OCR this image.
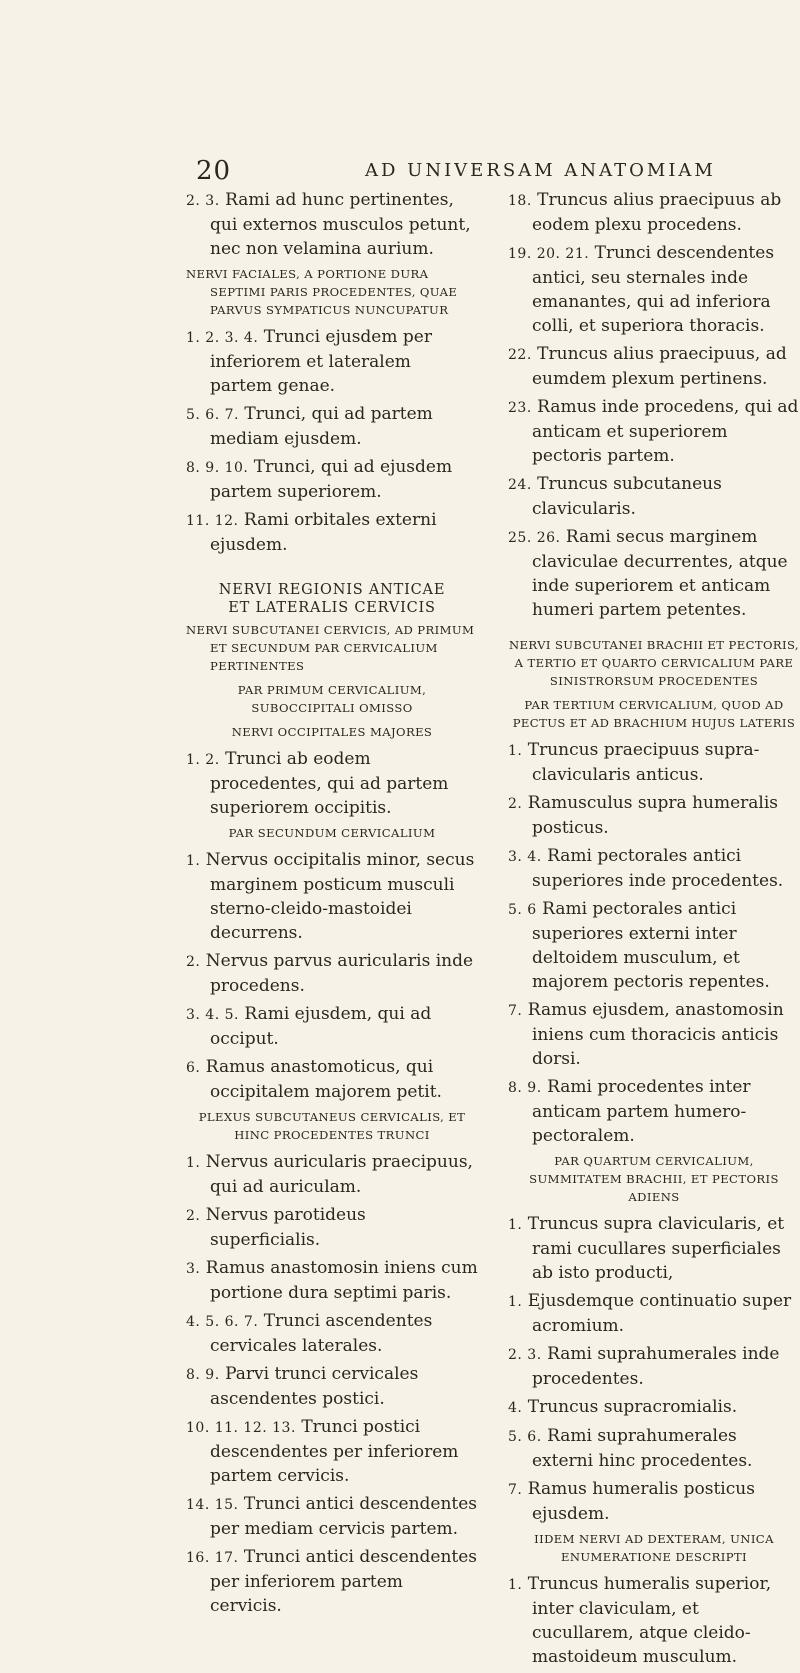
20	AD UNIVERSAM ANATOMIAM

2. 3. Rami ad hunc pertinentes, qui externos musculos petunt, nec non velamina aurium.

NERVI FACIALES, A PORTIONE DURA SEPTIMI PARIS PROCEDENTES, QUAE PARVUS SYMPATICUS NUNCUPATUR

1. 2. 3. 4. Trunci ejusdem per inferiorem et lateralem partem genae.

5. 6. 7. Trunci, qui ad partem mediam ejusdem.

8. 9. 10. Trunci, qui ad ejusdem partem superiorem.

11. 12. Rami orbitales externi ejusdem.

NERVI REGIONIS ANTICAE
ET LATERALIS CERVICIS

NERVI SUBCUTANEI CERVICIS, AD PRIMUM ET SECUNDUM PAR CERVICALIUM PERTINENTES

PAR PRIMUM CERVICALIUM, SUBOCCIPITALI OMISSO

NERVI OCCIPITALES MAJORES

1. 2. Trunci ab eodem procedentes, qui ad partem superiorem occipitis.

PAR SECUNDUM CERVICALIUM

1. Nervus occipitalis minor, secus marginem posticum musculi sterno-cleido-mastoidei decurrens.

2. Nervus parvus auricularis inde procedens.

3. 4. 5. Rami ejusdem, qui ad occiput.

6. Ramus anastomoticus, qui occipitalem majorem petit.

PLEXUS SUBCUTANEUS CERVICALIS, ET HINC PROCEDENTES TRUNCI

1. Nervus auricularis praecipuus, qui ad auriculam.

2. Nervus parotideus superficialis.

3. Ramus anastomosin iniens cum portione dura septimi paris.

4. 5. 6. 7. Trunci ascendentes cervicales laterales.

8. 9. Parvi trunci cervicales ascendentes postici.

10. 11. 12. 13. Trunci postici descendentes per inferiorem partem cervicis.

14. 15. Trunci antici descendentes per mediam cervicis partem.

16. 17. Trunci antici descendentes per inferiorem partem cervicis.

18. Truncus alius praecipuus ab eodem plexu procedens.

19. 20. 21. Trunci descendentes antici, seu sternales inde emanantes, qui ad inferiora colli, et superiora thoracis.

22. Truncus alius praecipuus, ad eumdem plexum pertinens.

23. Ramus inde procedens, qui ad anticam et superiorem pectoris partem.

24. Truncus subcutaneus clavicularis.

25. 26. Rami secus marginem claviculae decurrentes, atque inde superiorem et anticam humeri partem petentes.

NERVI SUBCUTANEI BRACHII ET PECTORIS, A TERTIO ET QUARTO CERVICALIUM PARE SINISTRORSUM PROCEDENTES

PAR TERTIUM CERVICALIUM, QUOD AD PECTUS ET AD BRACHIUM HUJUS LATERIS

1. Truncus praecipuus supra-clavicularis anticus.

2. Ramusculus supra humeralis posticus.

3. 4. Rami pectorales antici superiores inde procedentes.

5. 6 Rami pectorales antici superiores externi inter deltoidem musculum, et majorem pectoris repentes.

7. Ramus ejusdem, anastomosin iniens cum thoracicis anticis dorsi.

8. 9. Rami procedentes inter anticam partem humero-pectoralem.

PAR QUARTUM CERVICALIUM, SUMMITATEM BRACHII, ET PECTORIS ADIENS

1. Truncus supra clavicularis, et rami cucullares superficiales ab isto producti,

1. Ejusdemque continuatio super acromium.

2. 3. Rami suprahumerales inde procedentes.

4. Truncus supracromialis.

5. 6. Rami suprahumerales externi hinc procedentes.

7. Ramus humeralis posticus ejusdem.

IIDEM NERVI AD DEXTERAM, UNICA ENUMERATIONE DESCRIPTI

1. Truncus humeralis superior, inter claviculam, et cucullarem, atque cleido-mastoideum musculum.
